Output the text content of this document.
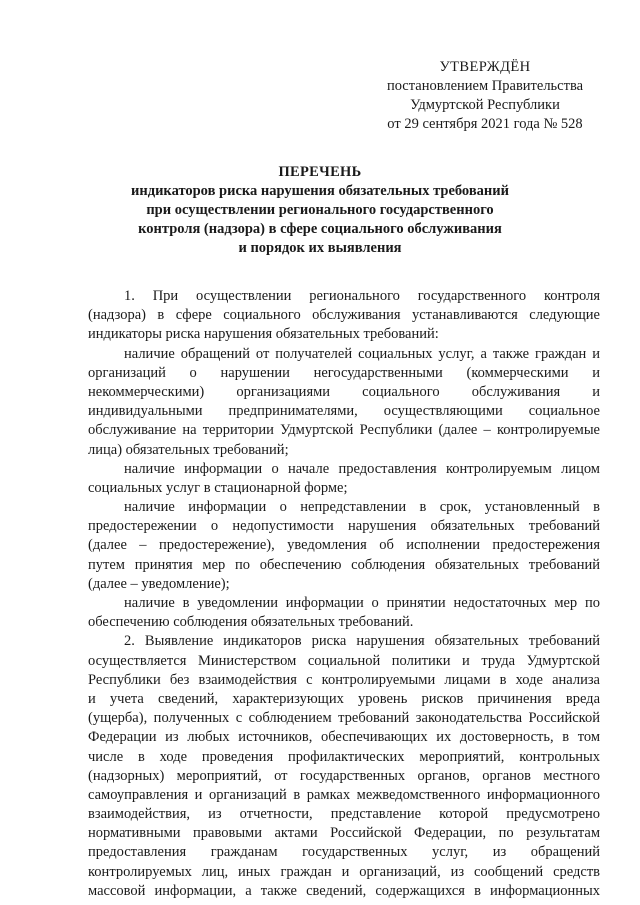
УТВЕРЖДЁН
постановлением Правительства
Удмуртской Республики
от 29 сентября 2021 года № 528
ПЕРЕЧЕНЬ
индикаторов риска нарушения обязательных требований
при осуществлении регионального государственного
контроля (надзора) в сфере социального обслуживания
и порядок их выявления
1. При осуществлении регионального государственного контроля
(надзора) в сфере социального обслуживания устанавливаются следующие
индикаторы риска нарушения обязательных требований:
наличие обращений от получателей социальных услуг, а также граждан и
организаций о нарушении негосударственными (коммерческими и
некоммерческими) организациями социального обслуживания и
индивидуальными предпринимателями, осуществляющими социальное
обслуживание на территории Удмуртской Республики (далее – контролируемые
лица) обязательных требований;
наличие информации о начале предоставления контролируемым лицом
социальных услуг в стационарной форме;
наличие информации о непредставлении в срок, установленный в
предостережении о недопустимости нарушения обязательных требований
(далее – предостережение), уведомления об исполнении предостережения
путем принятия мер по обеспечению соблюдения обязательных требований
(далее – уведомление);
наличие в уведомлении информации о принятии недостаточных мер по
обеспечению соблюдения обязательных требований.
2. Выявление индикаторов риска нарушения обязательных требований
осуществляется Министерством социальной политики и труда Удмуртской
Республики без взаимодействия с контролируемыми лицами в ходе анализа
и учета сведений, характеризующих уровень рисков причинения вреда
(ущерба), полученных с соблюдением требований законодательства Российской
Федерации из любых источников, обеспечивающих их достоверность, в том
числе в ходе проведения профилактических мероприятий, контрольных
(надзорных) мероприятий, от государственных органов, органов местного
самоуправления и организаций в рамках межведомственного информационного
взаимодействия, из отчетности, представление которой предусмотрено
нормативными правовыми актами Российской Федерации, по результатам
предоставления гражданам государственных услуг, из обращений
контролируемых лиц, иных граждан и организаций, из сообщений средств
массовой информации, а также сведений, содержащихся в информационных
